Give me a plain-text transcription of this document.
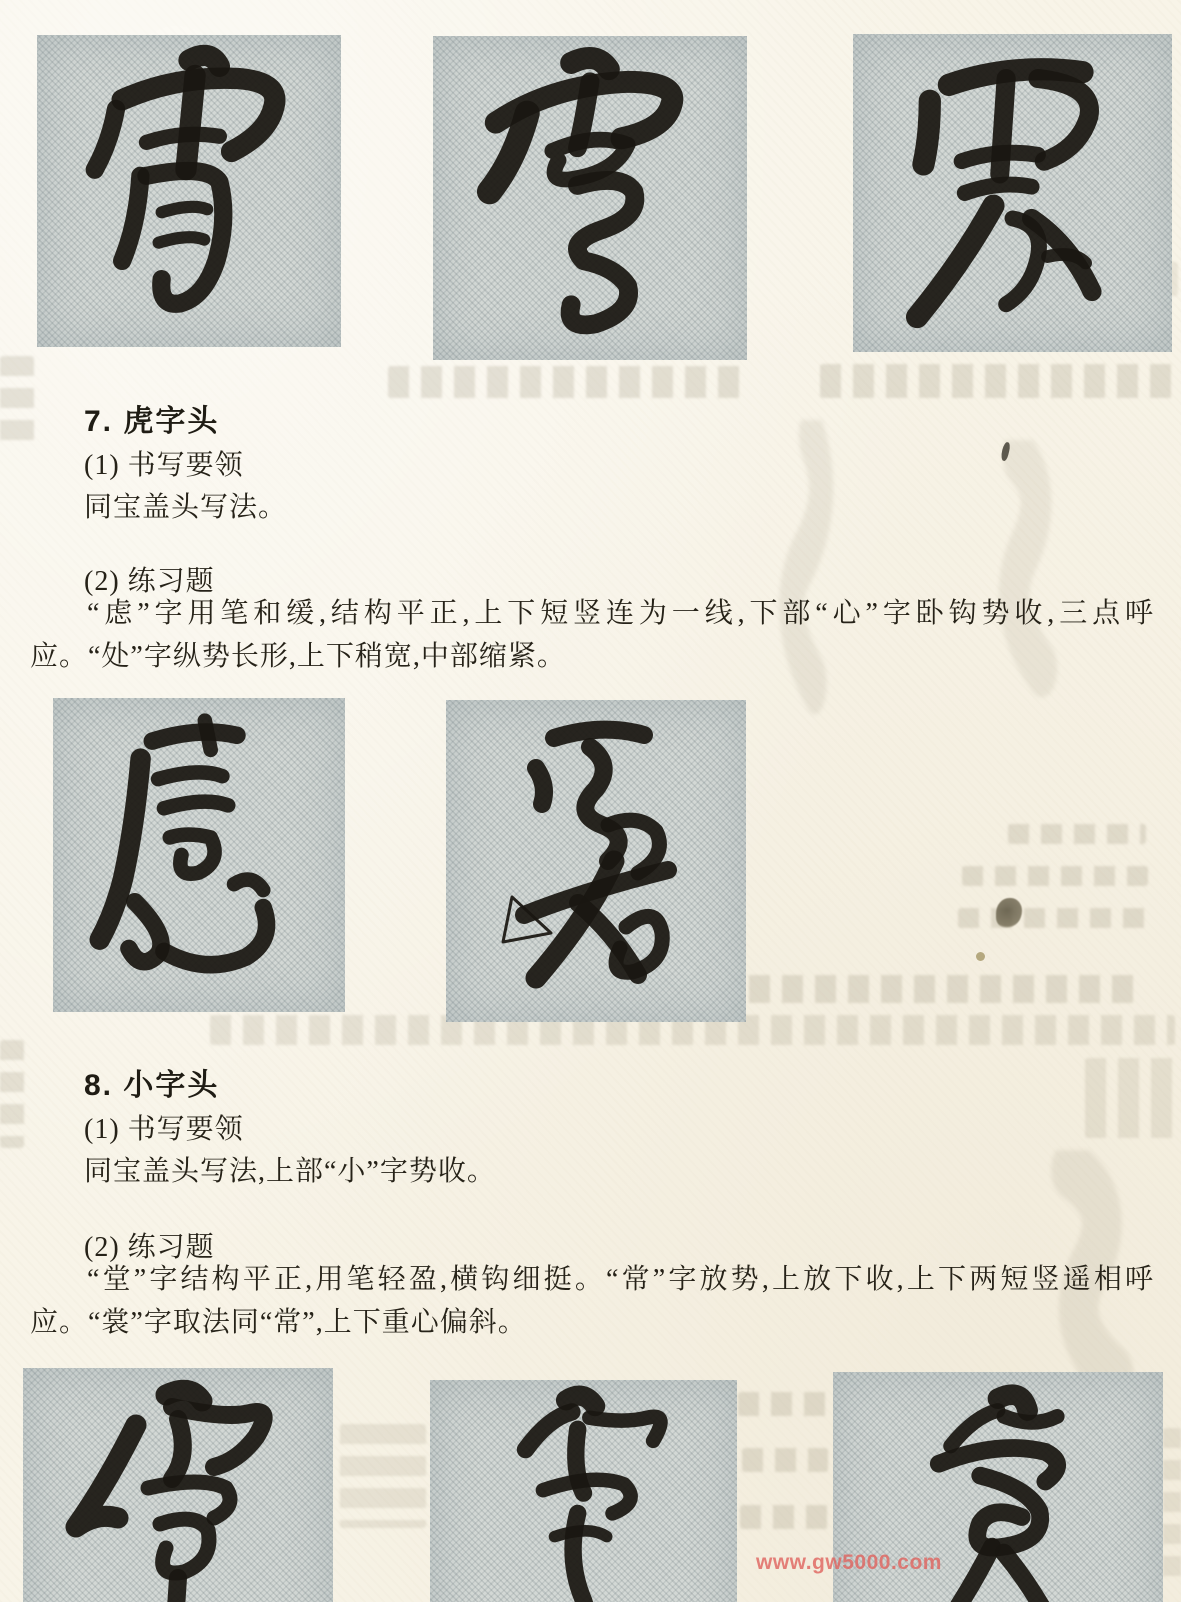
7. 虎字头
(1) 书写要领
同宝盖头写法。
(2) 练习题
“虑”字用笔和缓,结构平正,上下短竖连为一线,下部“心”字卧钩势收,三点呼应。“处”字纵势长形,上下稍宽,中部缩紧。
8. 小字头
(1) 书写要领
同宝盖头写法,上部“小”字势收。
(2) 练习题
“堂”字结构平正,用笔轻盈,横钩细挺。“常”字放势,上放下收,上下两短竖遥相呼应。“裳”字取法同“常”,上下重心偏斜。
www.gw5000.com
